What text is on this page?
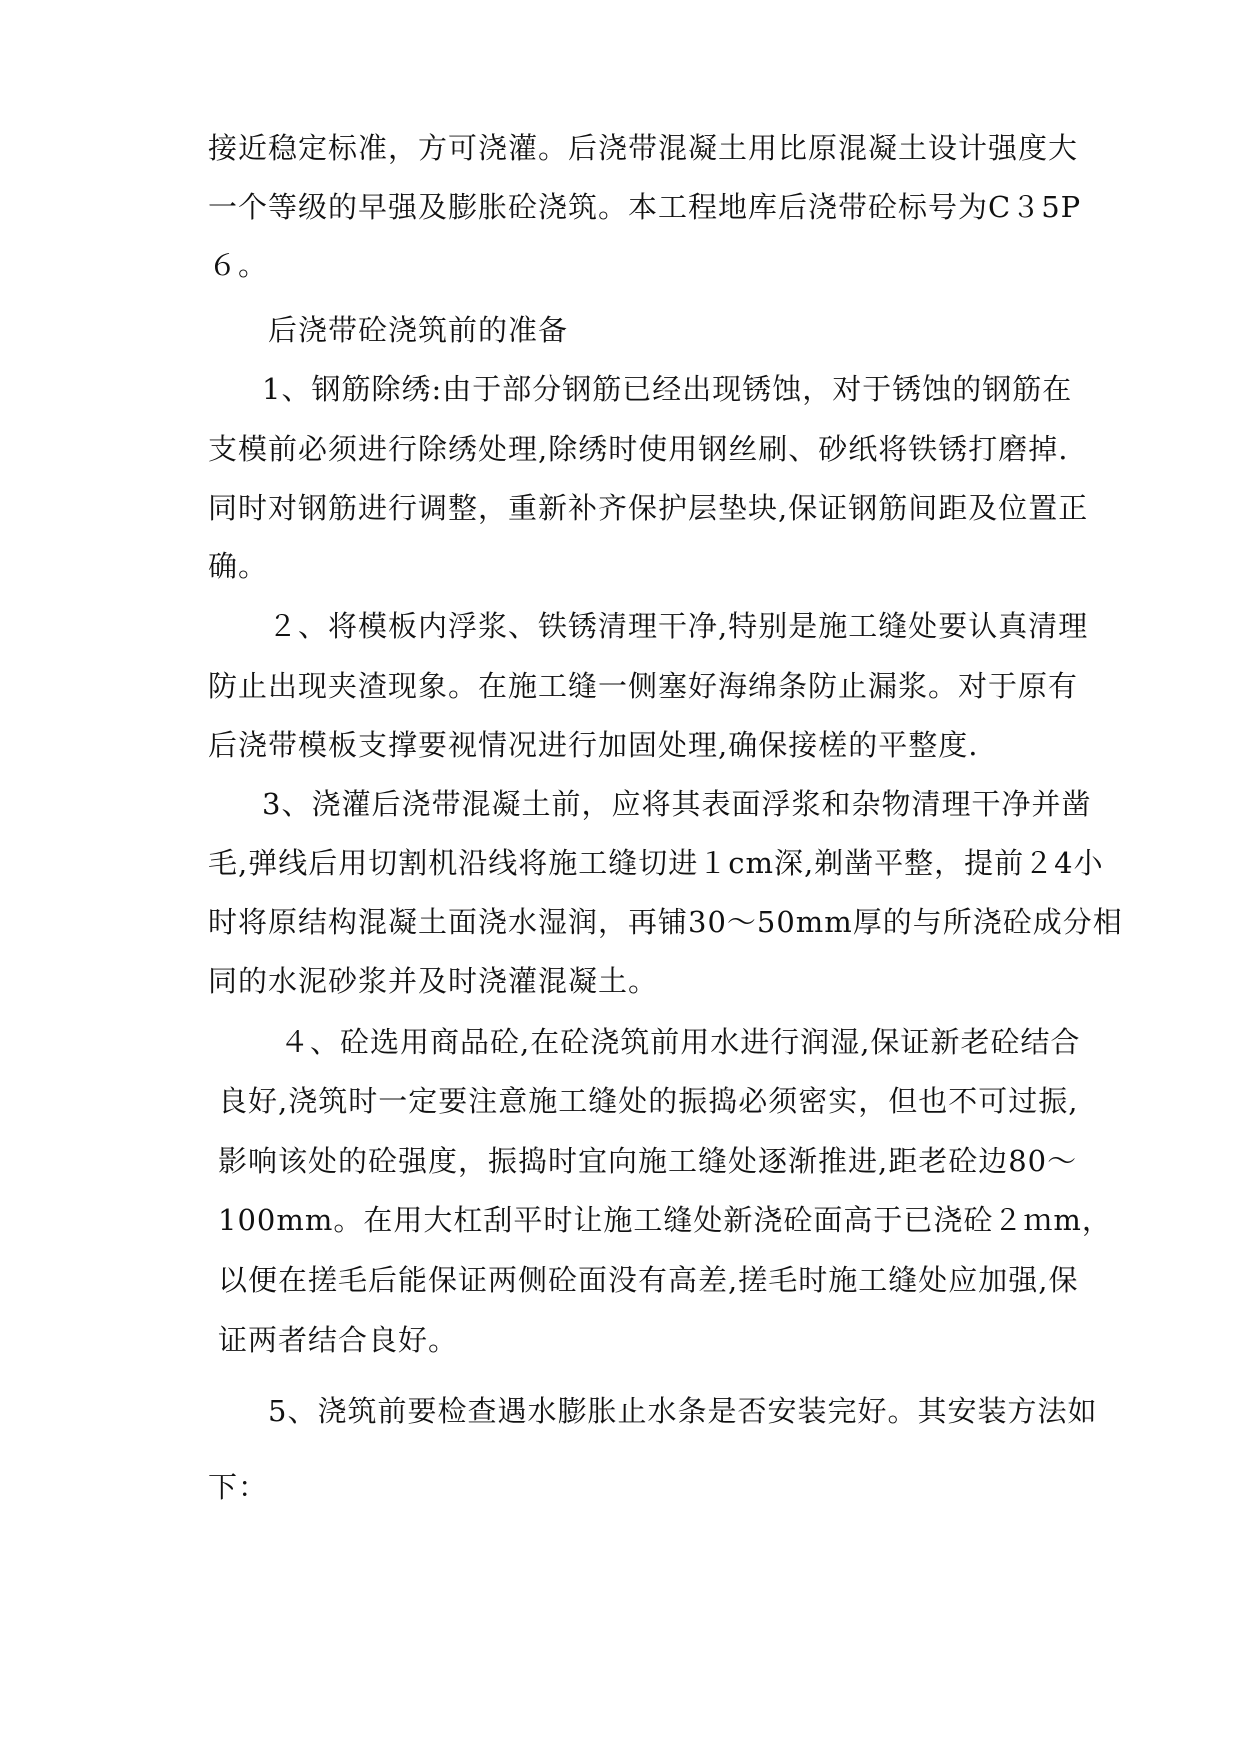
接近稳定标准，方可浇灌。后浇带混凝土用比原混凝土设计强度大
一个等级的早强及膨胀砼浇筑。本工程地库后浇带砼标号为C３5P
６。
后浇带砼浇筑前的准备
1、钢筋除绣:由于部分钢筋已经出现锈蚀，对于锈蚀的钢筋在
支模前必须进行除绣处理,除绣时使用钢丝刷、砂纸将铁锈打磨掉.
同时对钢筋进行调整，重新补齐保护层垫块,保证钢筋间距及位置正
确。
２、将模板内浮浆、铁锈清理干净,特别是施工缝处要认真清理
防止出现夹渣现象。在施工缝一侧塞好海绵条防止漏浆。对于原有
后浇带模板支撑要视情况进行加固处理,确保接槎的平整度.
3、浇灌后浇带混凝土前，应将其表面浮浆和杂物清理干净并凿
毛,弹线后用切割机沿线将施工缝切进１cm深,剃凿平整，提前２4小
时将原结构混凝土面浇水湿润，再铺30～50mm厚的与所浇砼成分相
同的水泥砂浆并及时浇灌混凝土。
４、砼选用商品砼,在砼浇筑前用水进行润湿,保证新老砼结合
良好,浇筑时一定要注意施工缝处的振捣必须密实，但也不可过振,
影响该处的砼强度，振捣时宜向施工缝处逐渐推进,距老砼边80～
100mm。在用大杠刮平时让施工缝处新浇砼面高于已浇砼２ｍm，
以便在搓毛后能保证两侧砼面没有高差,搓毛时施工缝处应加强,保
证两者结合良好。
5、浇筑前要检查遇水膨胀止水条是否安装完好。其安装方法如
下：
